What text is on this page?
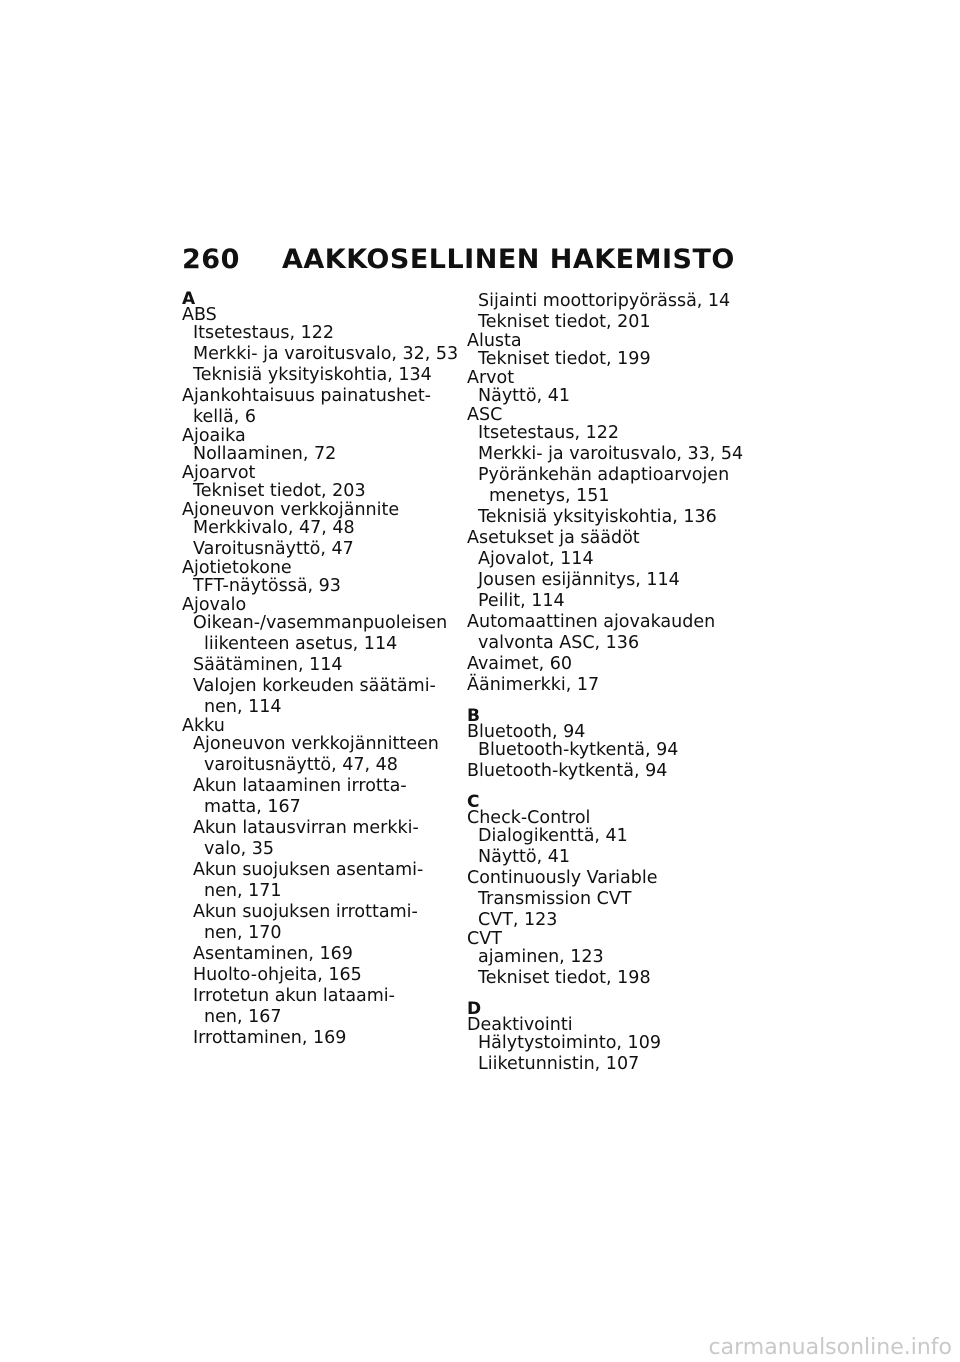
260 AAKKOSELLINEN HAKEMISTO
A
ABS
Itsetestaus, 122
Merkki- ja varoitusvalo, 32, 53
Teknisiä yksityiskohtia, 134
Ajankohtaisuus painatushet-
kellä, 6
Ajoaika
Nollaaminen, 72
Ajoarvot
Tekniset tiedot, 203
Ajoneuvon verkkojännite
Merkkivalo, 47, 48
Varoitusnäyttö, 47
Ajotietokone
TFT-näytössä, 93
Ajovalo
Oikean-/vasemmanpuoleisen
liikenteen asetus, 114
Säätäminen, 114
Valojen korkeuden säätämi-
nen, 114
Akku
Ajoneuvon verkkojännitteen
varoitusnäyttö, 47, 48
Akun lataaminen irrotta-
matta, 167
Akun latausvirran merkki-
valo, 35
Akun suojuksen asentami-
nen, 171
Akun suojuksen irrottami-
nen, 170
Asentaminen, 169
Huolto-ohjeita, 165
Irrotetun akun lataami-
nen, 167
Irrottaminen, 169
Sijainti moottoripyörässä, 14
Tekniset tiedot, 201
Alusta
Tekniset tiedot, 199
Arvot
Näyttö, 41
ASC
Itsetestaus, 122
Merkki- ja varoitusvalo, 33, 54
Pyöränkehän adaptioarvojen
menetys, 151
Teknisiä yksityiskohtia, 136
Asetukset ja säädöt
Ajovalot, 114
Jousen esijännitys, 114
Peilit, 114
Automaattinen ajovakauden
valvonta ASC, 136
Avaimet, 60
Äänimerkki, 17
B
Bluetooth, 94
Bluetooth-kytkentä, 94
Bluetooth-kytkentä, 94
C
Check-Control
Dialogikenttä, 41
Näyttö, 41
Continuously Variable
Transmission CVT
CVT, 123
CVT
ajaminen, 123
Tekniset tiedot, 198
D
Deaktivointi
Hälytystoiminto, 109
Liiketunnistin, 107
carmanualsonline.info
